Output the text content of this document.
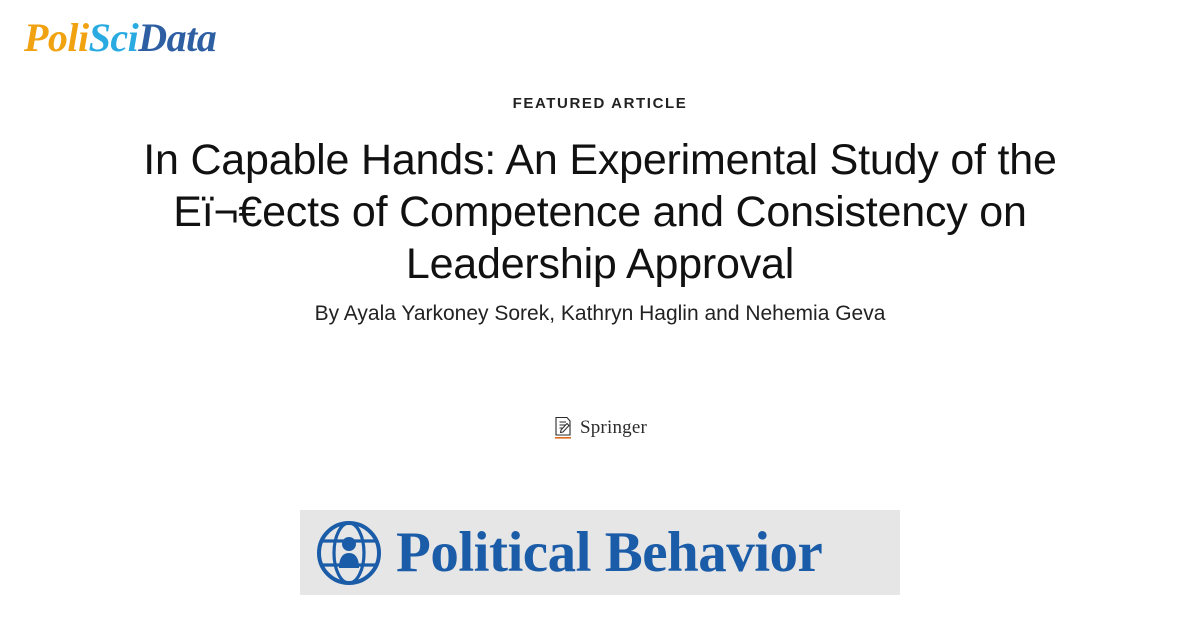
PoliSciData
FEATURED ARTICLE
In Capable Hands: An Experimental Study of the Eï¬€ects of Competence and Consistency on Leadership Approval
By Ayala Yarkoney Sorek, Kathryn Haglin and Nehemia Geva
Springer
Political Behavior
